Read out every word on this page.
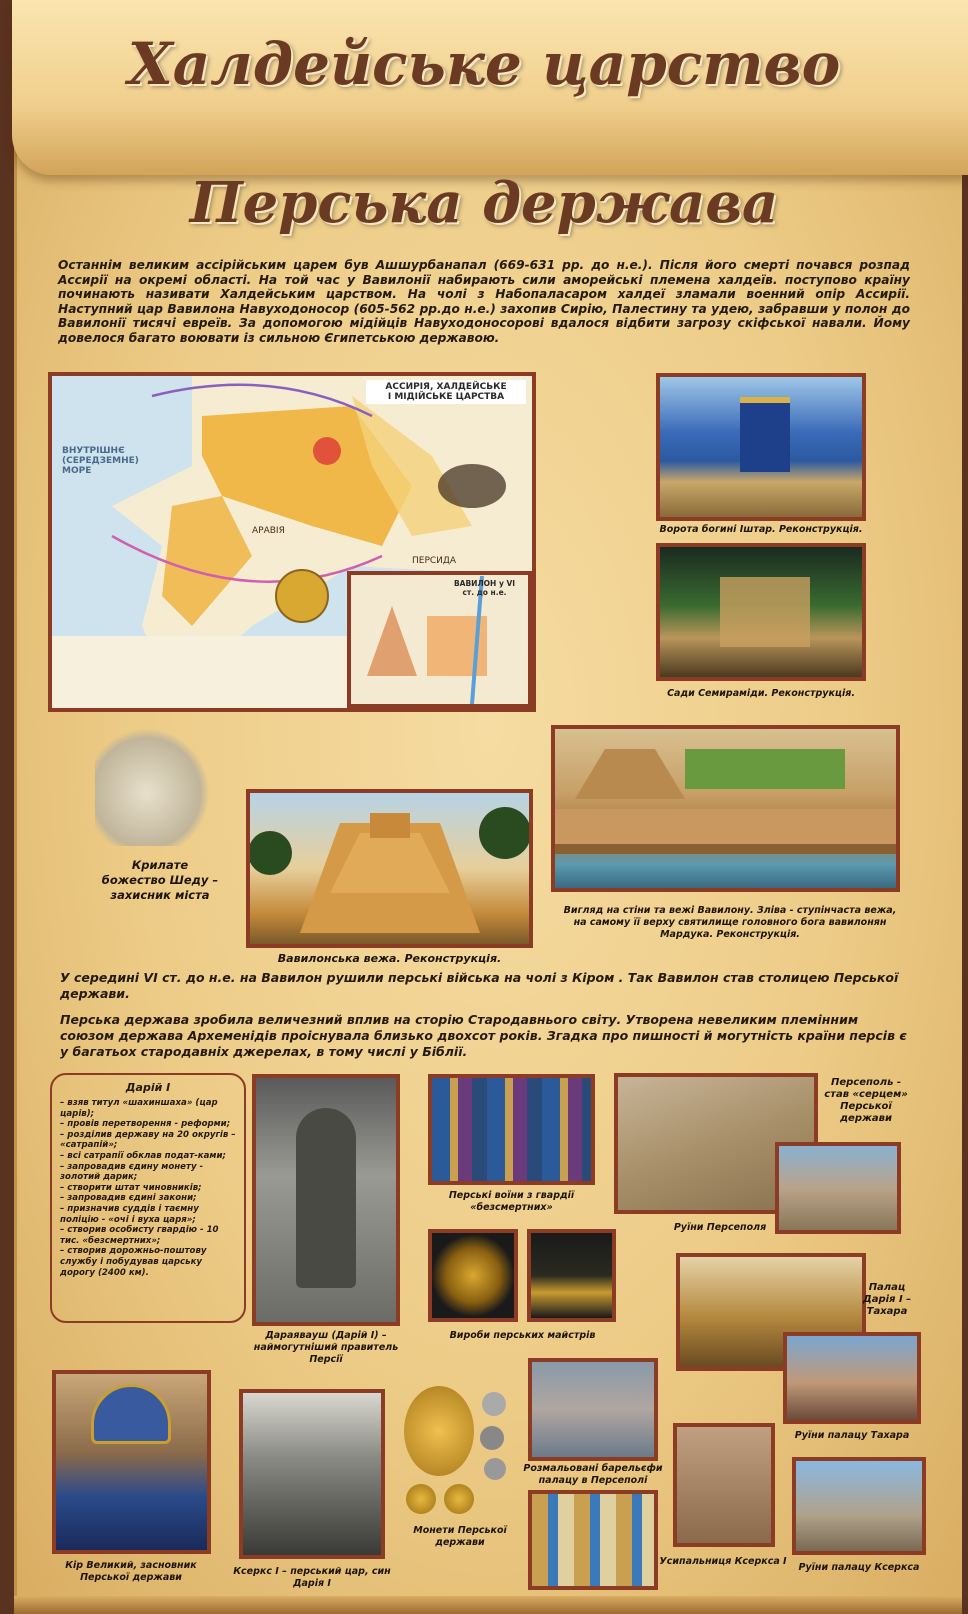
Халдейське царство
Перська держава
Останнім великим ассірійським царем був Ашшурбанапал (669-631 рр. до н.е.). Після його смерті почався розпад Ассирії на окремі області. На той час у Вавилонії набирають сили аморейські племена халдеїв. поступово країну починають називати Халдейським царством. На чолі з Набопаласаром халдеї зламали военний опір Ассирії. Наступний цар Вавилона Навуходоносор (605-562 рр.до н.е.) захопив Сирію, Палестину та удею, забравши у полон до Вавилонії тисячі евреїв. За допомогою мідійців Навуходоносорові вдалося відбити загрозу скіфської навали. Йому довелося багато воювати із сильною Єгипетською державою.
АССИРІЯ, ХАЛДЕЙСЬКЕ
І МІДІЙСЬКЕ ЦАРСТВА
ВНУТРІШНЄ (СЕРЕДЗЕМНЕ) МОРЕ
ПЕРСИДА
АРАВІЯ
ВАВИЛОН у VI ст. до н.е.
Ворота богині Іштар. Реконструкція.
Сади Семираміди. Реконструкція.
Крилате божество Шеду – захисник міста
Вавилонська вежа. Реконструкція.
Вигляд на стіни та вежі Вавилону. Зліва - ступінчаста вежа, на самому її верху святилище головного бога вавилонян Мардука. Реконструкція.
У середині VI ст. до н.е. на Вавилон рушили перські війська на чолі з Кіром . Так Вавилон став столицею Перської держави.
Перська держава зробила величезний вплив на сторію Стародавнього світу. Утворена невеликим племінним союзом держава Археменідів проіснувала близько двохсот років. Згадка про пишності й могутність країни персів є у багатьох стародавніх джерелах, в тому числі у Біблії.
Дарій І
– взяв титул «шахиншаха» (цар царів);
– провів перетворення - реформи;
– розділив державу на 20 округів – «сатрапій»;
– всі сатрапії обклав подат-ками;
– запровадив єдину монету - золотий дарик;
– створити штат чиновників;
– запровадив єдині закони;
– призначив суддів і таємну поліцію - «очі і вуха царя»;
– створив особисту гвардію - 10 тис. «безсмертних»;
– створив дорожньо-поштову службу і побудував царську дорогу (2400 км).
Дараявауш (Дарій І) – наймогутніший правитель Персії
Перські воїни з гвардії «безсмертних»
Вироби перських майстрів
Персеполь - став «серцем» Перської держави
Руїни Персеполя
Палац Дарія І – Тахара
Руїни палацу Тахара
Кір Великий, засновник Перської держави
Ксеркс І – перський цар, син Дарія І
Монети Перської держави
Розмальовані барельєфи палацу в Персеполі
Усипальниця Ксеркса І
Руїни палацу Ксеркса
